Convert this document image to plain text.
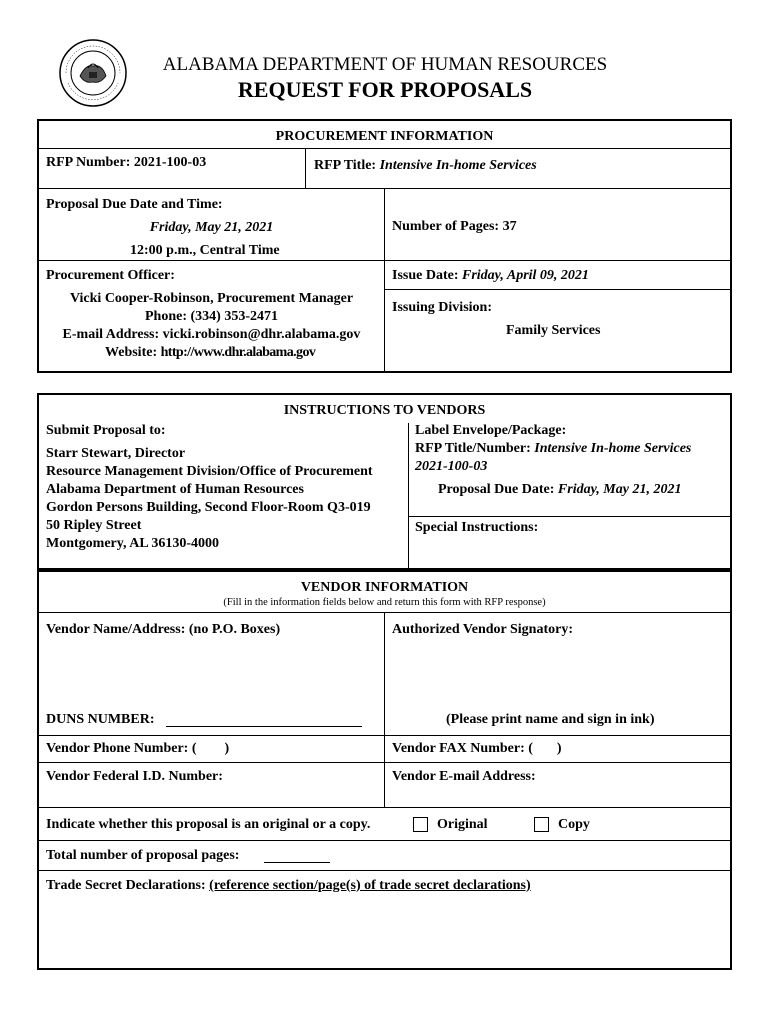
ALABAMA DEPARTMENT OF HUMAN RESOURCES
REQUEST FOR PROPOSALS
PROCUREMENT INFORMATION
RFP Number: 2021-100-03	RFP Title: Intensive In-home Services
Proposal Due Date and Time:
Friday, May 21, 2021
12:00 p.m., Central Time
Number of Pages: 37
Procurement Officer:
Vicki Cooper-Robinson, Procurement Manager
Phone: (334) 353-2471
E-mail Address: vicki.robinson@dhr.alabama.gov
Website: http://www.dhr.alabama.gov
Issue Date: Friday, April 09, 2021
Issuing Division:
Family Services
INSTRUCTIONS TO VENDORS
Submit Proposal to:
Starr Stewart, Director
Resource Management Division/Office of Procurement
Alabama Department of Human Resources
Gordon Persons Building, Second Floor-Room Q3-019
50 Ripley Street
Montgomery, AL 36130-4000
Label Envelope/Package:
RFP Title/Number: Intensive In-home Services
2021-100-03
Proposal Due Date: Friday, May 21, 2021
Special Instructions:
VENDOR INFORMATION
(Fill in the information fields below and return this form with RFP response)
Vendor Name/Address: (no P.O. Boxes)	Authorized Vendor Signatory:
DUNS NUMBER:	(Please print name and sign in ink)
Vendor Phone Number: ( )	Vendor FAX Number: ( )
Vendor Federal I.D. Number:	Vendor E-mail Address:
Indicate whether this proposal is an original or a copy.	Original	Copy
Total number of proposal pages:
Trade Secret Declarations: (reference section/page(s) of trade secret declarations)
